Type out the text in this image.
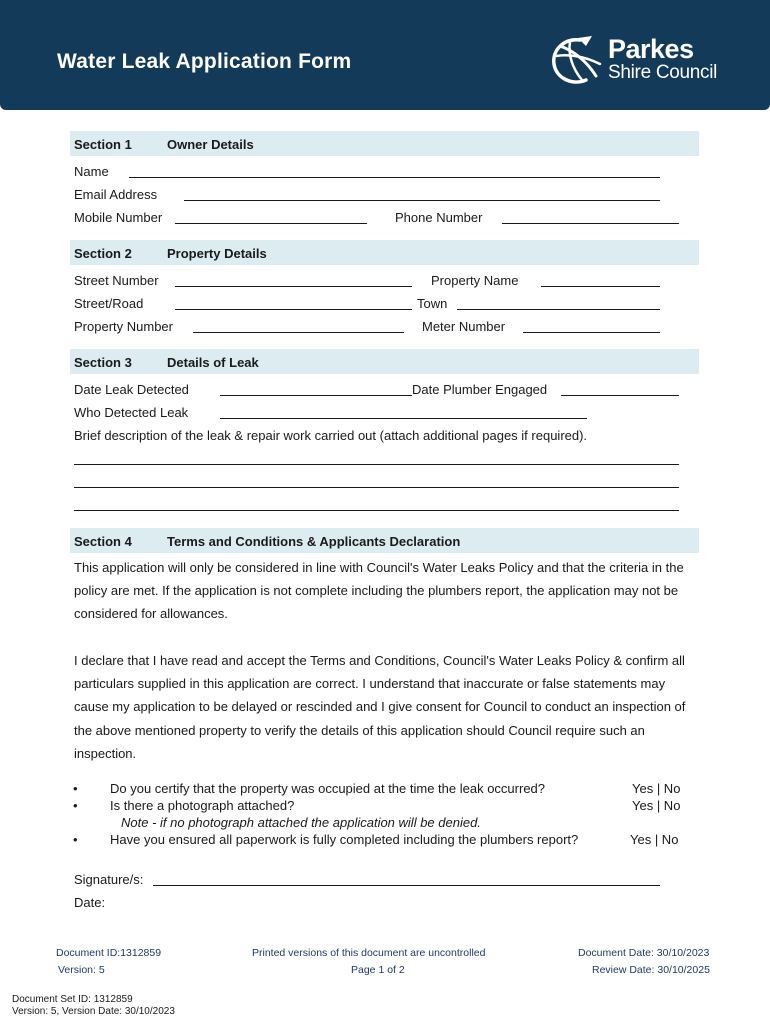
Water Leak Application Form	Parkes
Shire Council
Section 1	Owner Details
Name
Email Address
Mobile Number	Phone Number
Section 2	Property Details
Street Number	Property Name
Street/Road	Town
Property Number	Meter Number
Section 3	Details of Leak
Date Leak Detected	Date Plumber Engaged
Who Detected Leak
Brief description of the leak & repair work carried out (attach additional pages if required).
Section 4	Terms and Conditions & Applicants Declaration
This application will only be considered in line with Council's Water Leaks Policy and that the criteria in the policy are met. If the application is not complete including the plumbers report, the application may not be considered for allowances.
I declare that I have read and accept the Terms and Conditions, Council's Water Leaks Policy & confirm all particulars supplied in this application are correct. I understand that inaccurate or false statements may cause my application to be delayed or rescinded and I give consent for Council to conduct an inspection of the above mentioned property to verify the details of this application should Council require such an inspection.
• Do you certify that the property was occupied at the time the leak occurred?	Yes | No
• Is there a photograph attached?	Yes | No
Note - if no photograph attached the application will be denied.
• Have you ensured all paperwork is fully completed including the plumbers report?	Yes | No
Signature/s:
Date:
Document ID:1312859
Version: 5
Printed versions of this document are uncontrolled
Page 1 of 2
Document Date: 30/10/2023
Review Date: 30/10/2025
Document Set ID: 1312859
Version: 5, Version Date: 30/10/2023
